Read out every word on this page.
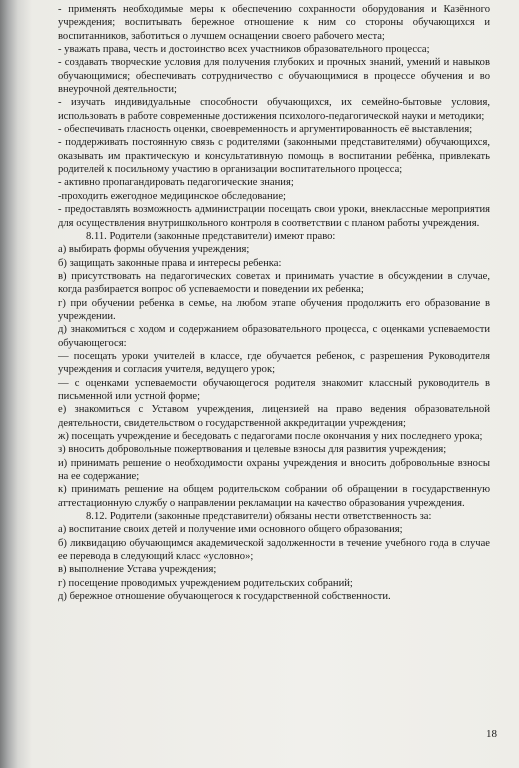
- применять необходимые меры к обеспечению сохранности оборудования и Казённого учреждения; воспитывать бережное отношение к ним со стороны обучающихся и воспитанников, заботиться о лучшем оснащении своего рабочего места;

- уважать права, честь и достоинство всех участников образовательного процесса;

- создавать творческие условия для получения глубоких и прочных знаний, умений и навыков обучающимися; обеспечивать сотрудничество с обучающимися в процессе обучения и во внеурочной деятельности;

- изучать индивидуальные способности обучающихся, их семейно-бытовые условия, использовать в работе современные достижения психолого-педагогической науки и методики;

- обеспечивать гласность оценки, своевременность и аргументированность её выставления;

- поддерживать постоянную связь с родителями (законными представителями) обучающихся, оказывать им практическую и консультативную помощь в воспитании ребёнка, привлекать родителей к посильному участию в организации воспитательного процесса;

- активно пропагандировать педагогические знания;

-проходить ежегодное медицинское обследование;

- предоставлять возможность администрации посещать свои уроки, внеклассные мероприятия для осуществления внутришкольного контроля в соответствии с планом работы учреждения.

8.11. Родители (законные представители) имеют право:

а) выбирать формы обучения учреждения;

б) защищать законные права и интересы ребенка:

в) присутствовать на педагогических советах и принимать участие в обсуждении в случае, когда разбирается вопрос об успеваемости и поведении их ребенка;

г) при обучении ребенка в семье, на любом этапе обучения продолжить его образование в учреждении.

д) знакомиться с ходом и содержанием образовательного процесса, с оценками успеваемости обучающегося:

— посещать уроки учителей в классе, где обучается ребенок, с разрешения Руководителя учреждения и согласия учителя, ведущего урок;

— с оценками успеваемости обучающегося родителя знакомит классный руководитель в письменной или устной форме;

е) знакомиться с Уставом учреждения, лицензией на право ведения образовательной деятельности, свидетельством о государственной аккредитации учреждения;

ж) посещать учреждение и беседовать с педагогами после окончания у них последнего урока;

з) вносить добровольные пожертвования и целевые взносы для развития учреждения;

и) принимать решение о необходимости охраны учреждения и вносить добровольные взносы на ее содержание;

к) принимать решение на общем родительском собрании об обращении в государственную аттестационную службу о направлении рекламации на качество образования учреждения.

8.12. Родители (законные представители) обязаны нести ответственность за:

а) воспитание своих детей и получение ими основного общего образования;

б) ликвидацию обучающимся академической задолженности в течение учебного года в случае ее перевода в следующий класс «условно»;

в) выполнение Устава учреждения;

г) посещение проводимых учреждением родительских собраний;

д) бережное отношение обучающегося к государственной собственности.

18
